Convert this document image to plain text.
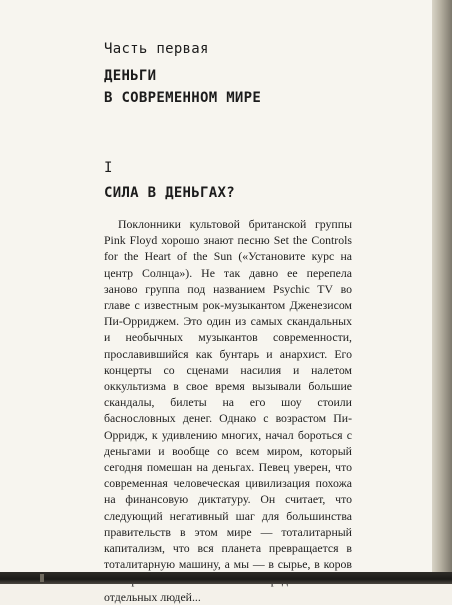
Часть первая
ДЕНЬГИ
В СОВРЕМЕННОМ МИРЕ
I
СИЛА В ДЕНЬГАХ?

Поклонники культовой британской группы Pink Floyd хорошо знают песню Set the Controls for the Heart of the Sun («Установите курс на центр Солнца»). Не так давно ее перепела заново группа под названием Psychic TV во главе с известным рок-музыкантом Дженезисом Пи-Орриджем. Это один из самых скандальных и необычных музыкантов современности, прославившийся как бунтарь и анархист. Его концерты со сценами насилия и налетом оккультизма в свое время вызывали большие скандалы, билеты на его шоу стоили баснословных денег. Однако с возрастом Пи-Орридж, к удивлению многих, начал бороться с деньгами и вообще со всем миром, который сегодня помешан на деньгах. Певец уверен, что современная человеческая цивилизация похожа на финансовую диктатуру. Он считает, что следующий негативный шаг для большинства правительств в этом мире — тоталитарный капитализм, что вся планета превращается в тоталитарную машину, а мы — в сырье, в коров отдельных людей...
